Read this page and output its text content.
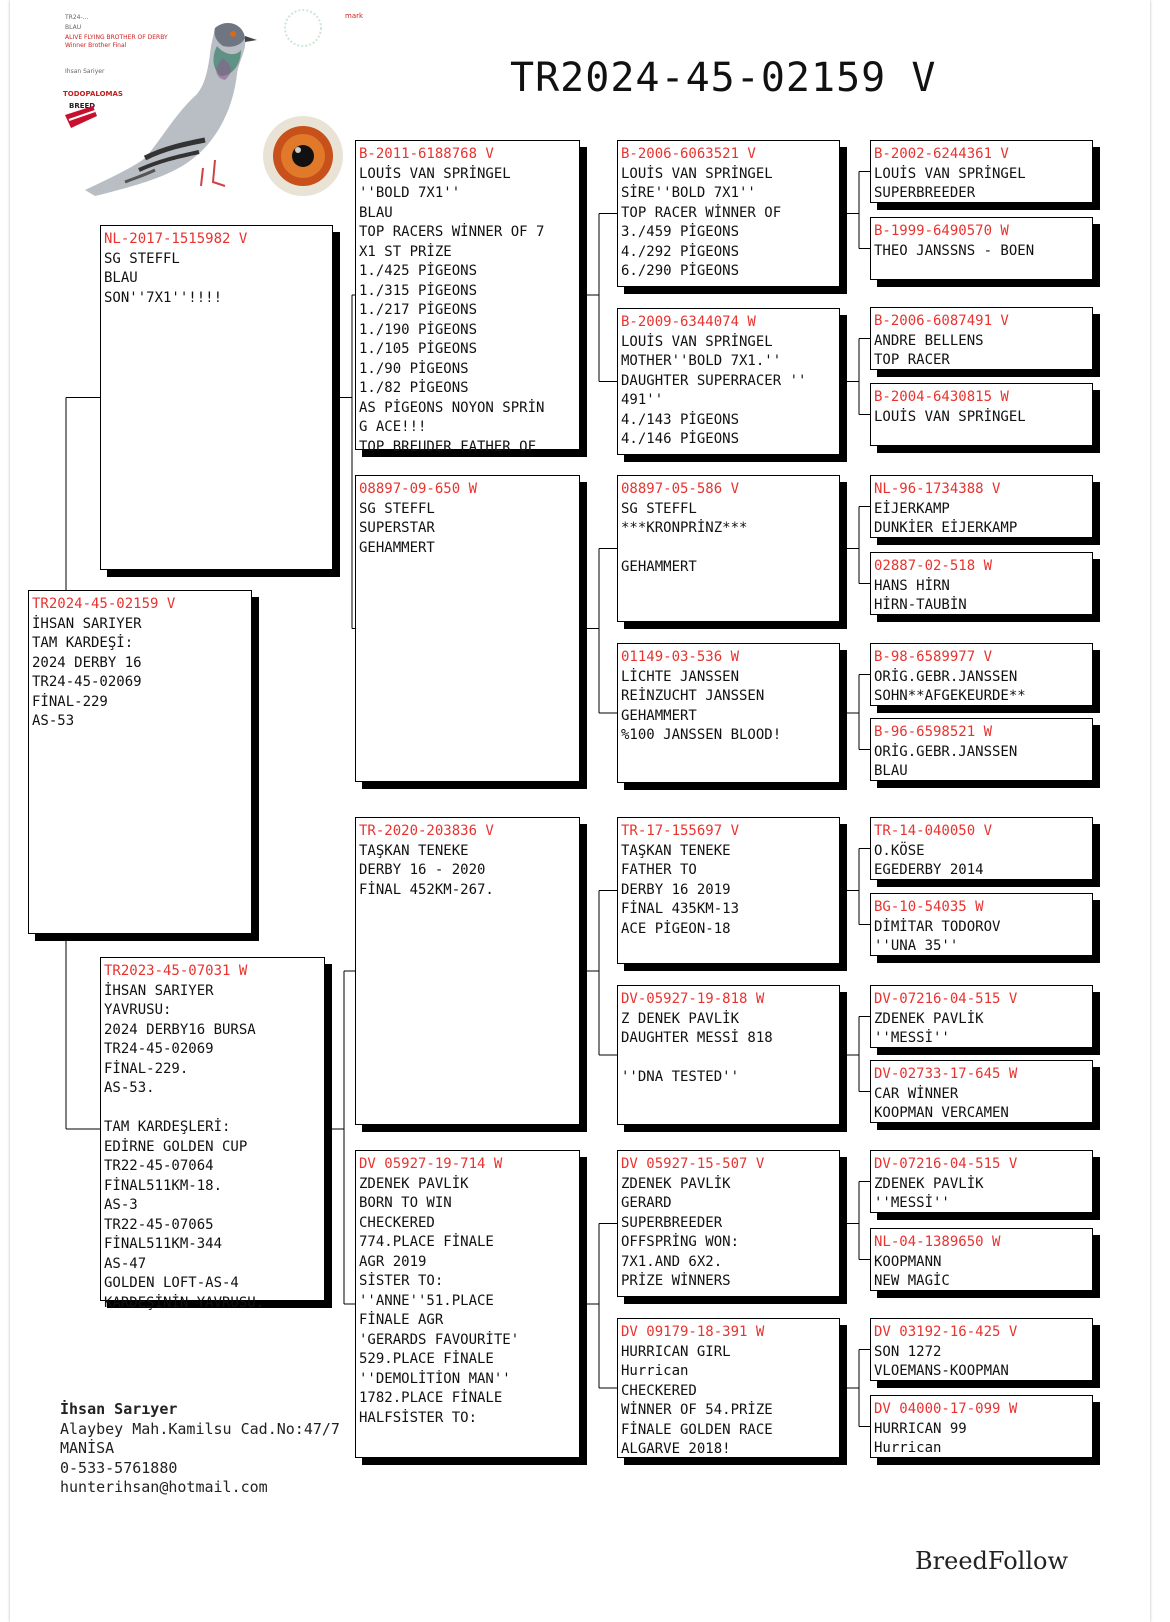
TR24-...
BLAU
ALIVE FLYING BROTHER OF DERBY
Winner Brother Final
Ihsan Sariyer
TODOPALOMAS
BREED
mark
TR2024-45-02159 V
TR2024-45-02159 V
İHSAN SARIYER
TAM KARDEŞİ:
2024 DERBY 16
TR24-45-02069
FİNAL-229
AS-53
NL-2017-1515982 V
SG STEFFL
BLAU
SON''7X1''!!!!
TR2023-45-07031 W
İHSAN SARIYER
YAVRUSU:
2024 DERBY16 BURSA
TR24-45-02069
FİNAL-229.
AS-53.
TAM KARDEŞLERİ:
EDİRNE GOLDEN CUP
TR22-45-07064
FİNAL511KM-18.
AS-3
TR22-45-07065
FİNAL511KM-344
AS-47
GOLDEN LOFT-AS-4
KARDEŞİNİN YAVRUSU.
B-2011-6188768 V
LOUİS VAN SPRİNGEL
''BOLD 7X1''
BLAU
TOP RACERS WİNNER OF 7
X1 ST PRİZE
1./425 PİGEONS
1./315 PİGEONS
1./217 PİGEONS
1./190 PİGEONS
1./105 PİGEONS
1./90 PİGEONS
1./82 PİGEONS
AS PİGEONS NOYON SPRİN
G ACE!!!
TOP BREUDER FATHER OF
08897-09-650 W
SG STEFFL
SUPERSTAR
GEHAMMERT
TR-2020-203836 V
TAŞKAN TENEKE
DERBY 16 - 2020
FİNAL 452KM-267.
DV 05927-19-714 W
ZDENEK PAVLİK
BORN TO WIN
CHECKERED
774.PLACE FİNALE
AGR 2019
SİSTER TO:
''ANNE''51.PLACE
FİNALE AGR
'GERARDS FAVOURİTE'
529.PLACE FİNALE
''DEMOLİTİON MAN''
1782.PLACE FİNALE
HALFSİSTER TO:
B-2006-6063521 V
LOUİS VAN SPRİNGEL
SİRE''BOLD 7X1''
TOP RACER WİNNER OF
3./459 PİGEONS
4./292 PİGEONS
6./290 PİGEONS
B-2009-6344074 W
LOUİS VAN SPRİNGEL
MOTHER''BOLD 7X1.''
DAUGHTER SUPERRACER ''
491''
4./143 PİGEONS
4./146 PİGEONS
08897-05-586 V
SG STEFFL
***KRONPRİNZ***
GEHAMMERT
01149-03-536 W
LİCHTE JANSSEN
REİNZUCHT JANSSEN
GEHAMMERT
%100 JANSSEN BLOOD!
TR-17-155697 V
TAŞKAN TENEKE
FATHER TO
DERBY 16 2019
FİNAL 435KM-13
ACE PİGEON-18
DV-05927-19-818 W
Z DENEK PAVLİK
DAUGHTER MESSİ 818
''DNA TESTED''
DV 05927-15-507 V
ZDENEK PAVLİK
GERARD
SUPERBREEDER
OFFSPRİNG WON:
7X1.AND 6X2.
PRİZE WİNNERS
DV 09179-18-391 W
HURRICAN GIRL
Hurrican
CHECKERED
WİNNER OF 54.PRİZE
FİNALE GOLDEN RACE
ALGARVE 2018!
B-2002-6244361 V
LOUİS VAN SPRİNGEL
SUPERBREEDER
B-1999-6490570 W
THEO JANSSNS - BOEN
B-2006-6087491 V
ANDRE BELLENS
TOP RACER
B-2004-6430815 W
LOUİS VAN SPRİNGEL
NL-96-1734388 V
EİJERKAMP
DUNKİER EİJERKAMP
02887-02-518 W
HANS HİRN
HİRN-TAUBİN
B-98-6589977 V
ORİG.GEBR.JANSSEN
SOHN**AFGEKEURDE**
B-96-6598521 W
ORİG.GEBR.JANSSEN
BLAU
TR-14-040050 V
O.KÖSE
EGEDERBY 2014
BG-10-54035 W
DİMİTAR TODOROV
''UNA 35''
DV-07216-04-515 V
ZDENEK PAVLİK
''MESSİ''
DV-02733-17-645 W
CAR WİNNER
KOOPMAN VERCAMEN
DV-07216-04-515 V
ZDENEK PAVLİK
''MESSİ''
NL-04-1389650 W
KOOPMANN
NEW MAGİC
DV 03192-16-425 V
SON 1272
VLOEMANS-KOOPMAN
DV 04000-17-099 W
HURRICAN 99
Hurrican
İhsan Sarıyer
Alaybey Mah.Kamilsu Cad.No:47/7
MANİSA
0-533-5761880
hunterihsan@hotmail.com
BreedFollow
